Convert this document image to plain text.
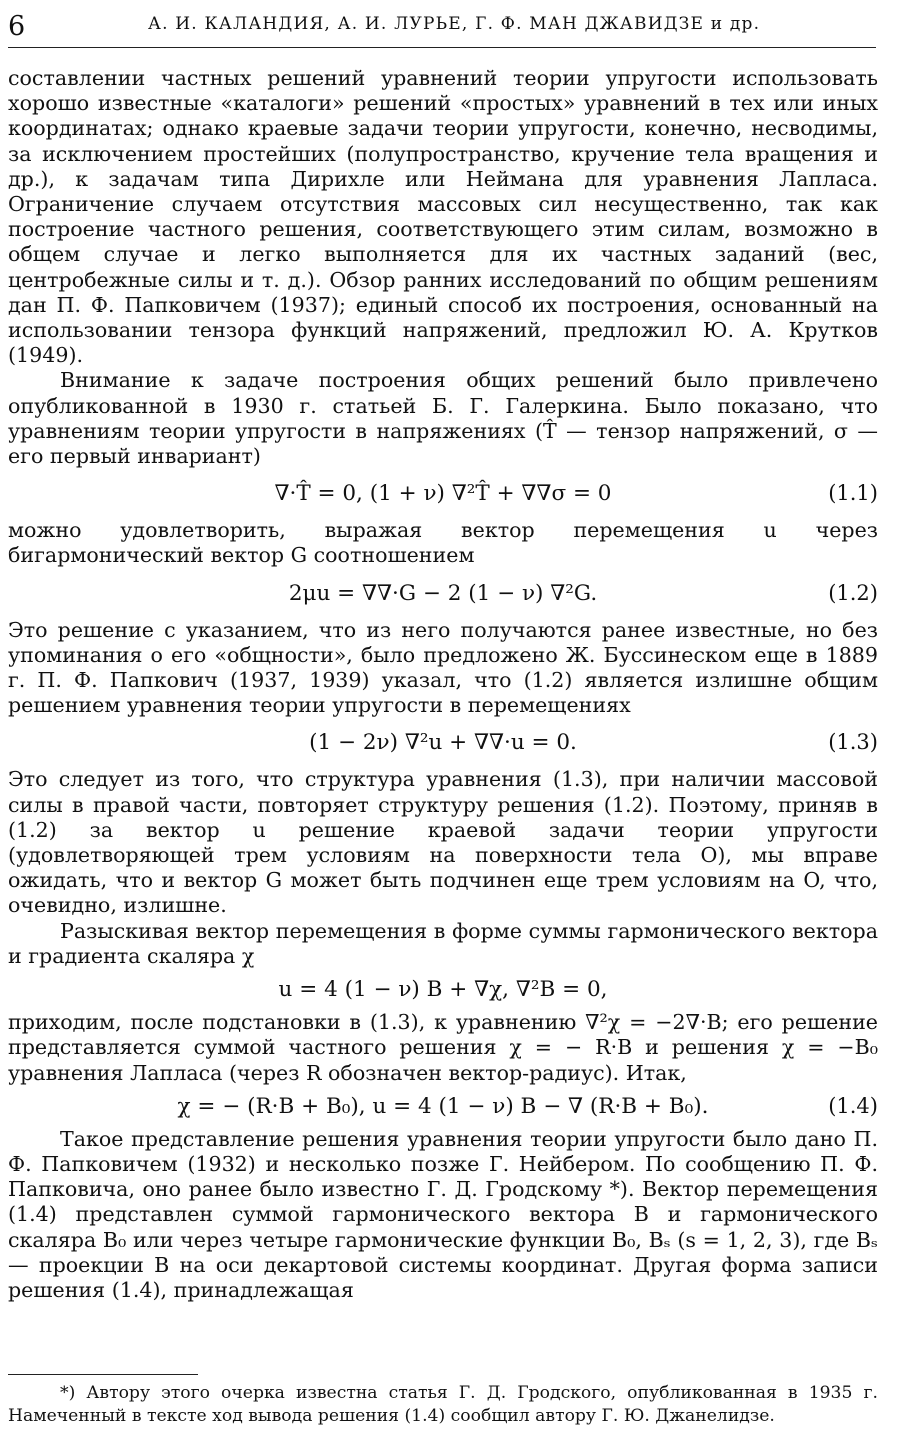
6	А. И. КАЛАНДИЯ, А. И. ЛУРЬЕ, Г. Ф. МАН ДЖАВИДЗЕ и др.

составлении частных решений уравнений теории упругости использовать хорошо известные «каталоги» решений «простых» уравнений в тех или иных координатах; однако краевые задачи теории упругости, конечно, несводимы, за исключением простейших (полупространство, кручение тела вращения и др.), к задачам типа Дирихле или Неймана для уравнения Лапласа. Ограничение случаем отсутствия массовых сил несущественно, так как построение частного решения, соответствующего этим силам, возможно в общем случае и легко выполняется для их частных заданий (вес, центробежные силы и т. д.). Обзор ранних исследований по общим решениям дан П. Ф. Папковичем (1937); единый способ их построения, основанный на использовании тензора функций напряжений, предложил Ю. А. Крутков (1949).

Внимание к задаче построения общих решений было привлечено опубликованной в 1930 г. статьей Б. Г. Галеркина. Было показано, что уравнениям теории упругости в напряжениях (T̂ — тензор напряжений, σ — его первый инвариант)

∇·T̂ = 0, (1 + ν) ∇²T̂ + ∇∇σ = 0	(1.1)

можно удовлетворить, выражая вектор перемещения u через бигармонический вектор G соотношением

2μu = ∇∇·G − 2 (1 − ν) ∇²G.	(1.2)

Это решение с указанием, что из него получаются ранее известные, но без упоминания о его «общности», было предложено Ж. Буссинеском еще в 1889 г. П. Ф. Папкович (1937, 1939) указал, что (1.2) является излишне общим решением уравнения теории упругости в перемещениях

(1 − 2ν) ∇²u + ∇∇·u = 0.	(1.3)

Это следует из того, что структура уравнения (1.3), при наличии массовой силы в правой части, повторяет структуру решения (1.2). Поэтому, приняв в (1.2) за вектор u решение краевой задачи теории упругости (удовлетворяющей трем условиям на поверхности тела O), мы вправе ожидать, что и вектор G может быть подчинен еще трем условиям на O, что, очевидно, излишне.

Разыскивая вектор перемещения в форме суммы гармонического вектора и градиента скаляра χ

u = 4 (1 − ν) B + ∇χ, ∇²B = 0,

приходим, после подстановки в (1.3), к уравнению ∇²χ = −2∇·B; его решение представляется суммой частного решения χ = − R·B и решения χ = −B₀ уравнения Лапласа (через R обозначен вектор-радиус). Итак,

χ = − (R·B + B₀), u = 4 (1 − ν) B − ∇ (R·B + B₀).	(1.4)

Такое представление решения уравнения теории упругости было дано П. Ф. Папковичем (1932) и несколько позже Г. Нейбером. По сообщению П. Ф. Папковича, оно ранее было известно Г. Д. Гродскому *). Вектор перемещения (1.4) представлен суммой гармонического вектора B и гармонического скаляра B₀ или через четыре гармонические функции B₀, Bₛ (s = 1, 2, 3), где Bₛ — проекции B на оси декартовой системы координат. Другая форма записи решения (1.4), принадлежащая

*) Автору этого очерка известна статья Г. Д. Гродского, опубликованная в 1935 г. Намеченный в тексте ход вывода решения (1.4) сообщил автору Г. Ю. Джанелидзе.
